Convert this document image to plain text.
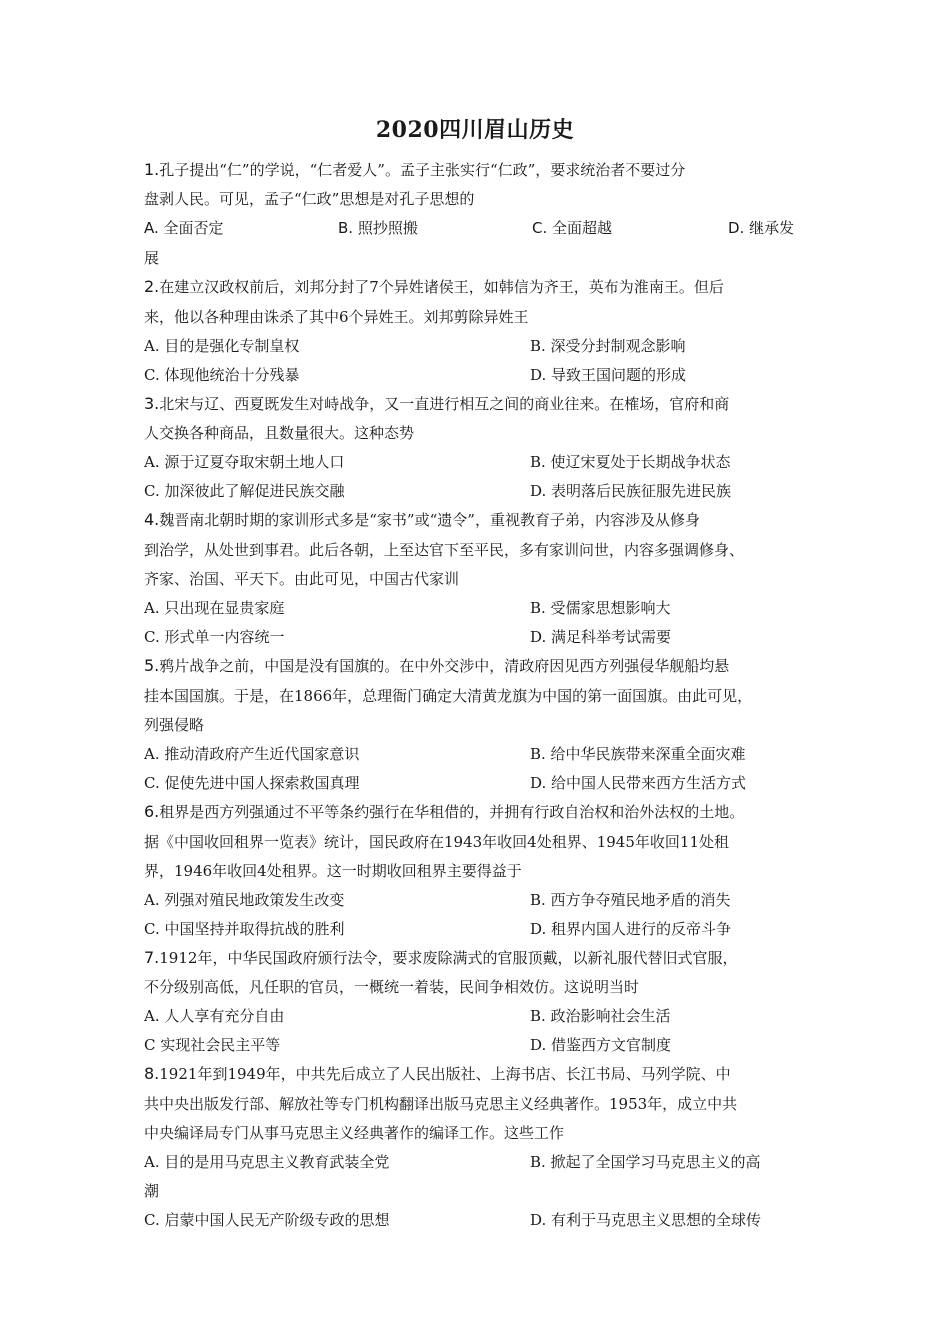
2020四川眉山历史
1.孔子提出“仁”的学说，“仁者爱人”。孟子主张实行“仁政”，要求统治者不要过分
盘剥人民。可见，孟子“仁政”思想是对孔子思想的
A. 全面否定	B. 照抄照搬	C. 全面超越	D. 继承发
展
2.在建立汉政权前后，刘邦分封了7个异姓诸侯王，如韩信为齐王，英布为淮南王。但后
来，他以各种理由诛杀了其中6个异姓王。刘邦剪除异姓王
A. 目的是强化专制皇权	B. 深受分封制观念影响
C. 体现他统治十分残暴	D. 导致王国问题的形成
3.北宋与辽、西夏既发生对峙战争，又一直进行相互之间的商业往来。在榷场，官府和商
人交换各种商品，且数量很大。这种态势
A. 源于辽夏夺取宋朝土地人口	B. 使辽宋夏处于长期战争状态
C. 加深彼此了解促进民族交融	D. 表明落后民族征服先进民族
4.魏晋南北朝时期的家训形式多是“家书”或“遗令”，重视教育子弟，内容涉及从修身
到治学，从处世到事君。此后各朝，上至达官下至平民，多有家训问世，内容多强调修身、
齐家、治国、平天下。由此可见，中国古代家训
A. 只出现在显贵家庭	B. 受儒家思想影响大
C. 形式单一内容统一	D. 满足科举考试需要
5.鸦片战争之前，中国是没有国旗的。在中外交涉中，清政府因见西方列强侵华舰船均悬
挂本国国旗。于是，在1866年，总理衙门确定大清黄龙旗为中国的第一面国旗。由此可见，
列强侵略
A. 推动清政府产生近代国家意识	B. 给中华民族带来深重全面灾难
C. 促使先进中国人探索救国真理	D. 给中国人民带来西方生活方式
6.租界是西方列强通过不平等条约强行在华租借的，并拥有行政自治权和治外法权的土地。
据《中国收回租界一览表》统计，国民政府在1943年收回4处租界、1945年收回11处租
界，1946年收回4处租界。这一时期收回租界主要得益于
A. 列强对殖民地政策发生改变	B. 西方争夺殖民地矛盾的消失
C. 中国坚持并取得抗战的胜利	D. 租界内国人进行的反帝斗争
7.1912年，中华民国政府颁行法令，要求废除满式的官服顶戴，以新礼服代替旧式官服，
不分级别高低，凡任职的官员，一概统一着装，民间争相效仿。这说明当时
A. 人人享有充分自由	B. 政治影响社会生活
C 实现社会民主平等	D. 借鉴西方文官制度
8.1921年到1949年，中共先后成立了人民出版社、上海书店、长江书局、马列学院、中
共中央出版发行部、解放社等专门机构翻译出版马克思主义经典著作。1953年，成立中共
中央编译局专门从事马克思主义经典著作的编译工作。这些工作
A. 目的是用马克思主义教育武装全党	B. 掀起了全国学习马克思主义的高
潮
C. 启蒙中国人民无产阶级专政的思想	D. 有利于马克思主义思想的全球传
